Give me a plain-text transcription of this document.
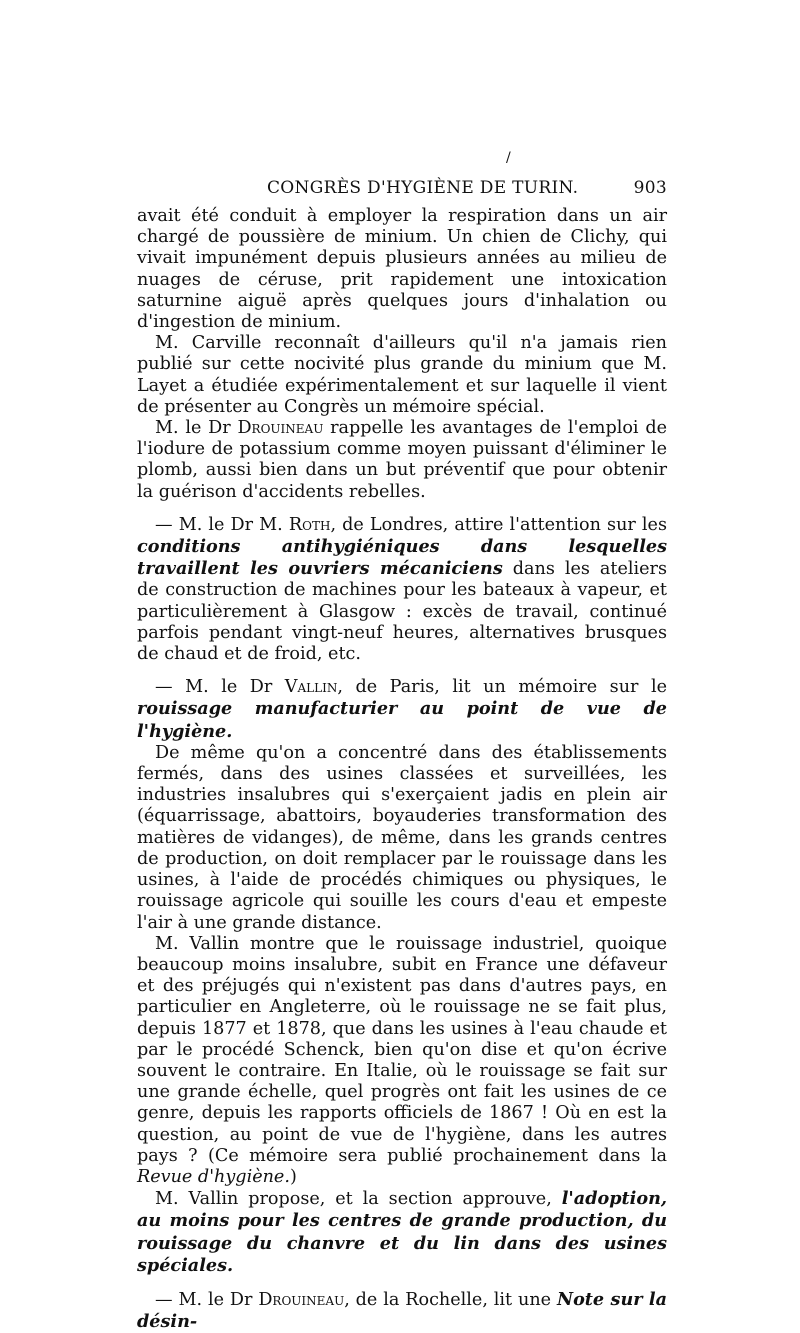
/
CONGRÈS D'HYGIÈNE DE TURIN.	903

avait été conduit à employer la respiration dans un air chargé de poussière de minium. Un chien de Clichy, qui vivait impunément depuis plusieurs années au milieu de nuages de céruse, prit rapidement une intoxication saturnine aiguë après quelques jours d'inhalation ou d'ingestion de minium.

M. Carville reconnaît d'ailleurs qu'il n'a jamais rien publié sur cette nocivité plus grande du minium que M. Layet a étudiée expérimentalement et sur laquelle il vient de présenter au Congrès un mémoire spécial.

M. le Dr Drouineau rappelle les avantages de l'emploi de l'iodure de potassium comme moyen puissant d'éliminer le plomb, aussi bien dans un but préventif que pour obtenir la guérison d'accidents rebelles.

— M. le Dr M. Roth, de Londres, attire l'attention sur les conditions antihygiéniques dans lesquelles travaillent les ouvriers mécaniciens dans les ateliers de construction de machines pour les bateaux à vapeur, et particulièrement à Glasgow : excès de travail, continué parfois pendant vingt-neuf heures, alternatives brusques de chaud et de froid, etc.

— M. le Dr Vallin, de Paris, lit un mémoire sur le rouissage manufacturier au point de vue de l'hygiène.

De même qu'on a concentré dans des établissements fermés, dans des usines classées et surveillées, les industries insalubres qui s'exerçaient jadis en plein air (équarrissage, abattoirs, boyauderies transformation des matières de vidanges), de même, dans les grands centres de production, on doit remplacer par le rouissage dans les usines, à l'aide de procédés chimiques ou physiques, le rouissage agricole qui souille les cours d'eau et empeste l'air à une grande distance.

M. Vallin montre que le rouissage industriel, quoique beaucoup moins insalubre, subit en France une défaveur et des préjugés qui n'existent pas dans d'autres pays, en particulier en Angleterre, où le rouissage ne se fait plus, depuis 1877 et 1878, que dans les usines à l'eau chaude et par le procédé Schenck, bien qu'on dise et qu'on écrive souvent le contraire. En Italie, où le rouissage se fait sur une grande échelle, quel progrès ont fait les usines de ce genre, depuis les rapports officiels de 1867 ! Où en est la question, au point de vue de l'hygiène, dans les autres pays ? (Ce mémoire sera publié prochainement dans la Revue d'hygiène.)

M. Vallin propose, et la section approuve, l'adoption, au moins pour les centres de grande production, du rouissage du chanvre et du lin dans des usines spéciales.

— M. le Dr Drouineau, de la Rochelle, lit une Note sur la désin-
